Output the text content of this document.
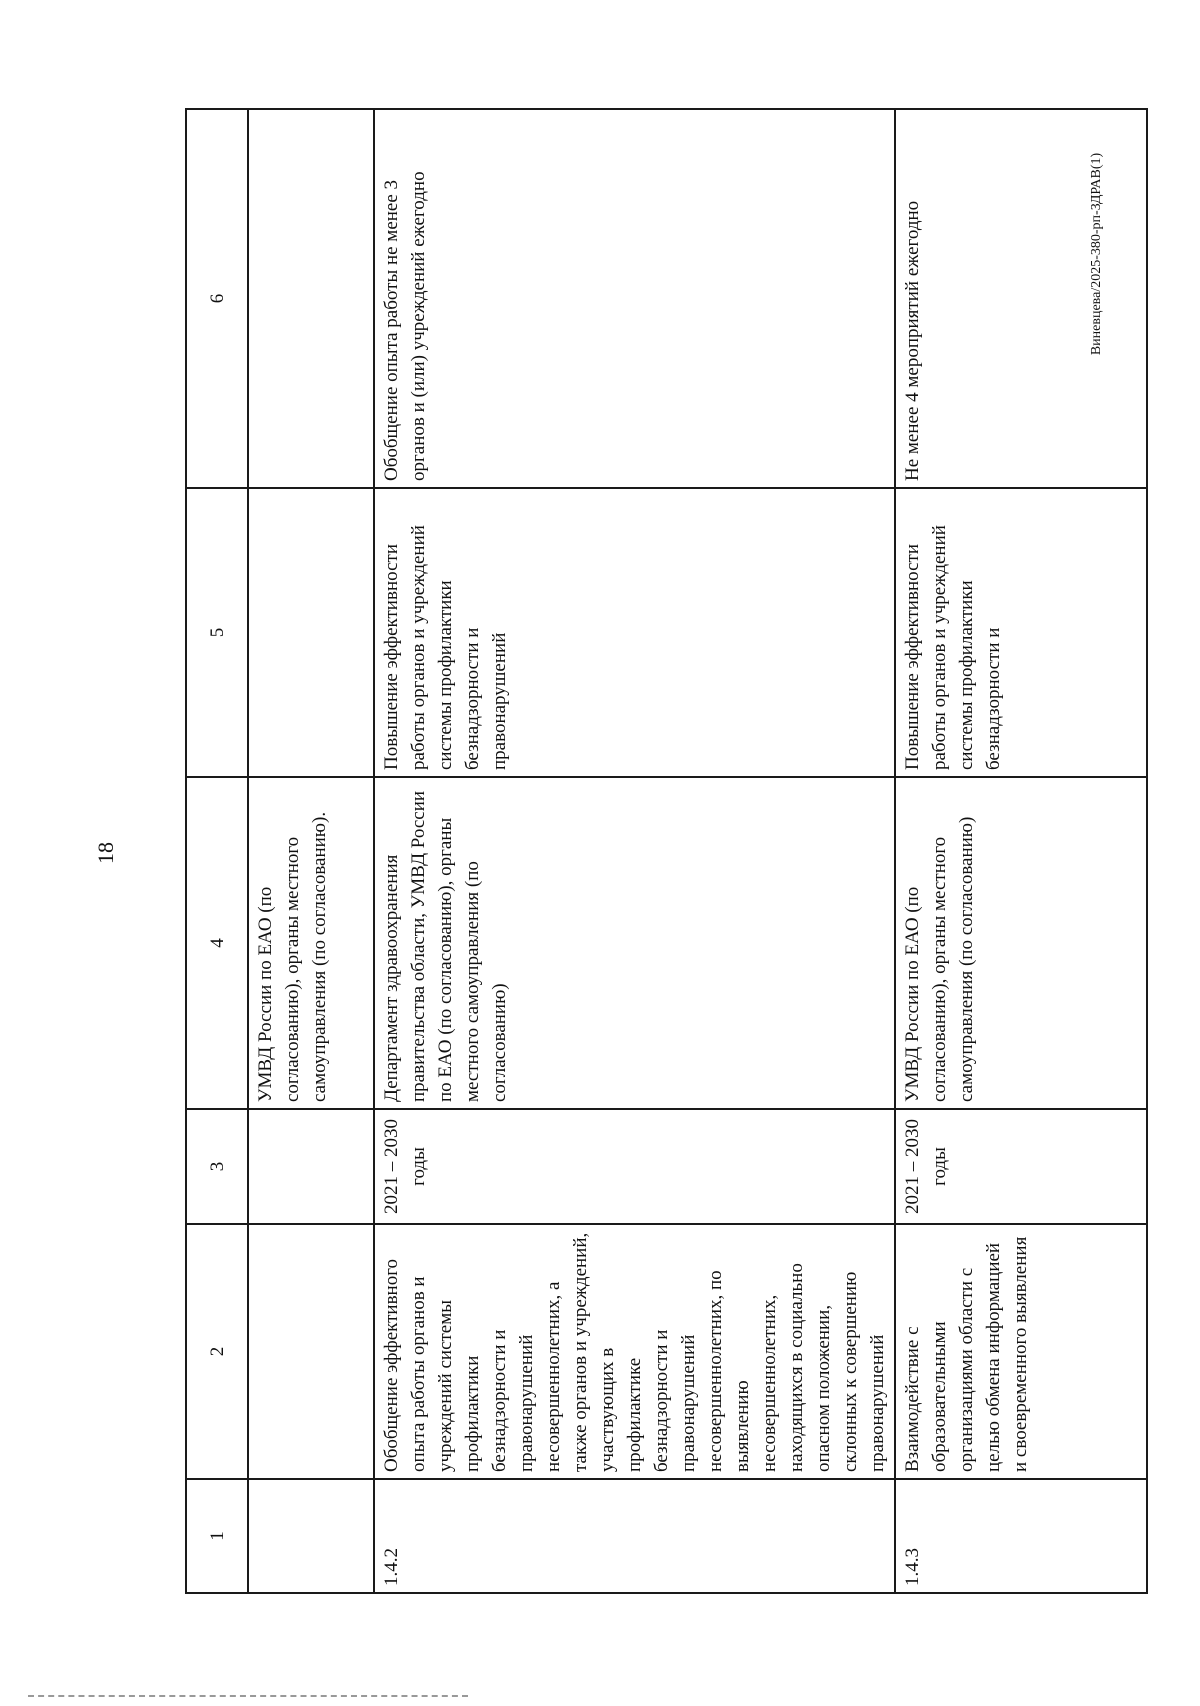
18
1	2	3	4	5	6
			УМВД России по ЕАО (по согласованию), органы местного самоуправления (по согласованию).		
1.4.2	Обобщение эффективного опыта работы органов и учреждений системы профилактики безнадзорности и правонарушений несовершеннолетних, а также органов и учреждений, участвующих в профилактике безнадзорности и правонарушений несовершеннолетних, по выявлению несовершеннолетних, находящихся в социально опасном положении, склонных к совершению правонарушений	2021 – 2030 годы	Департамент здравоохранения правительства области, УМВД России по ЕАО (по согласованию), органы местного самоуправления (по согласованию)	Повышение эффективности работы органов и учреждений системы профилактики безнадзорности и правонарушений	Обобщение опыта работы не менее 3 органов и (или) учреждений ежегодно
1.4.3	Взаимодействие с образовательными организациями области с целью обмена информацией и своевременного выявления	2021 – 2030 годы	УМВД России по ЕАО (по согласованию), органы местного самоуправления (по согласованию)	Повышение эффективности работы органов и учреждений системы профилактики безнадзорности и	Не менее 4 мероприятий ежегодно	Виневцева/2025-380-рп-ЗДРАВ(1)
